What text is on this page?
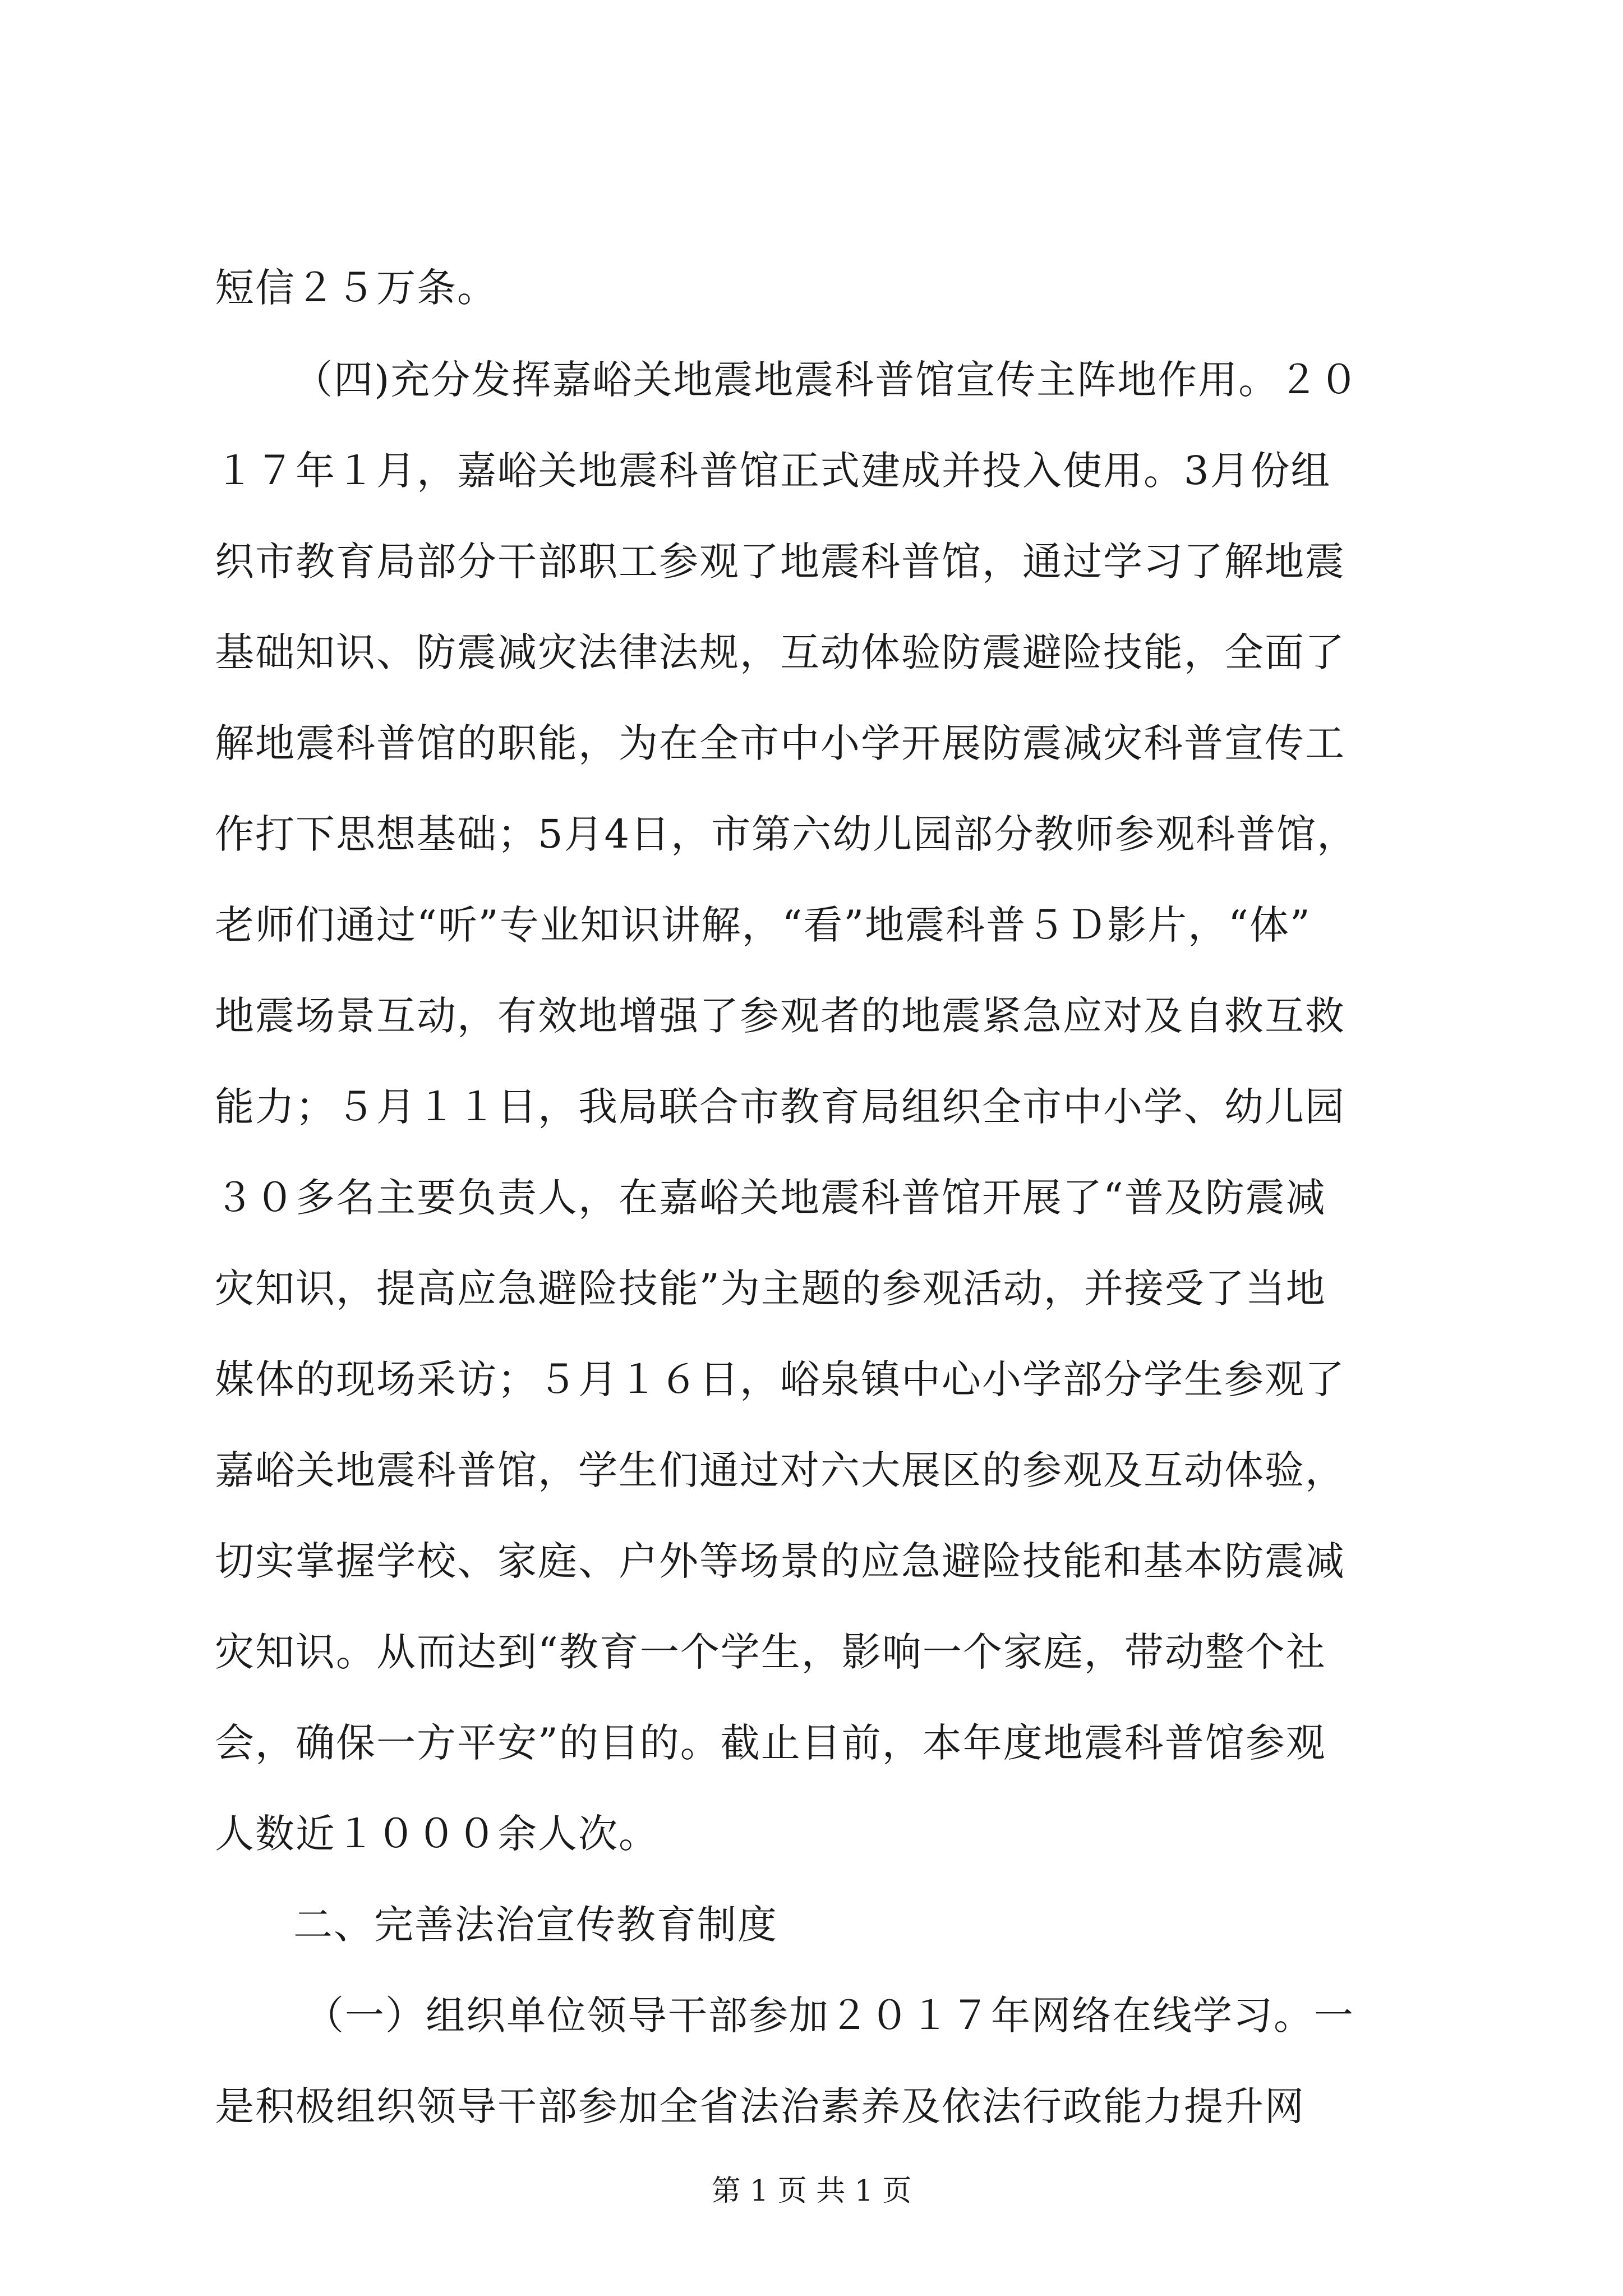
短信２５万条。
（四)充分发挥嘉峪关地震地震科普馆宣传主阵地作用。２０
１７年１月，嘉峪关地震科普馆正式建成并投入使用。3月份组
织市教育局部分干部职工参观了地震科普馆，通过学习了解地震
基础知识、防震减灾法律法规，互动体验防震避险技能，全面了
解地震科普馆的职能，为在全市中小学开展防震减灾科普宣传工
作打下思想基础；5月4日，市第六幼儿园部分教师参观科普馆，
老师们通过“听”专业知识讲解，“看”地震科普５Ｄ影片，“体”
地震场景互动，有效地增强了参观者的地震紧急应对及自救互救
能力；５月１１日，我局联合市教育局组织全市中小学、幼儿园
３０多名主要负责人，在嘉峪关地震科普馆开展了“普及防震减
灾知识，提高应急避险技能”为主题的参观活动，并接受了当地
媒体的现场采访；５月１６日，峪泉镇中心小学部分学生参观了
嘉峪关地震科普馆，学生们通过对六大展区的参观及互动体验，
切实掌握学校、家庭、户外等场景的应急避险技能和基本防震减
灾知识。从而达到“教育一个学生，影响一个家庭，带动整个社
会，确保一方平安”的目的。截止目前，本年度地震科普馆参观
人数近１０００余人次。
二、完善法治宣传教育制度
（一）组织单位领导干部参加２０１７年网络在线学习。一
是积极组织领导干部参加全省法治素养及依法行政能力提升网
第 1 页 共 1 页
